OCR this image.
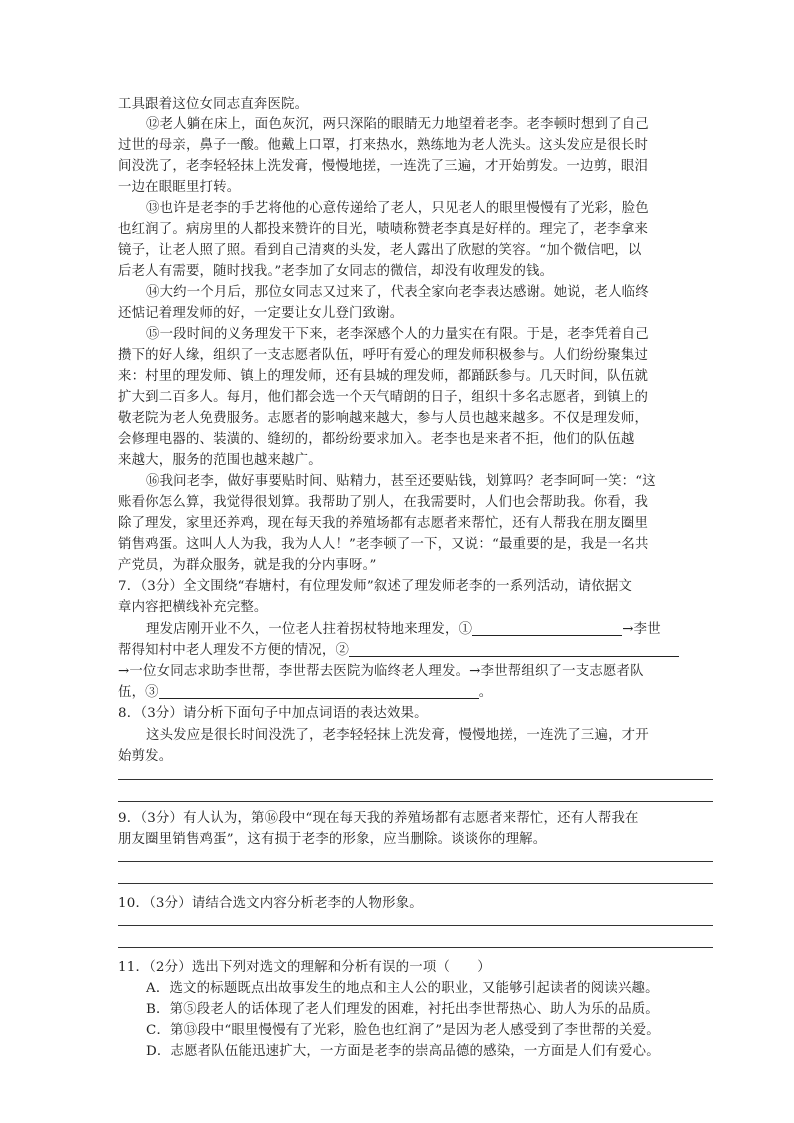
工具跟着这位女同志直奔医院。
⑫老人躺在床上，面色灰沉，两只深陷的眼睛无力地望着老李。老李顿时想到了自己
过世的母亲，鼻子一酸。他戴上口罩，打来热水，熟练地为老人洗头。这头发应是很长时
间没洗了，老李轻轻抹上洗发膏，慢慢地搓，一连洗了三遍，才开始剪发。一边剪，眼泪
一边在眼眶里打转。
⑬也许是老李的手艺将他的心意传递给了老人，只见老人的眼里慢慢有了光彩，脸色
也红润了。病房里的人都投来赞许的目光，啧啧称赞老李真是好样的。理完了，老李拿来
镜子，让老人照了照。看到自己清爽的头发，老人露出了欣慰的笑容。“加个微信吧，以
后老人有需要，随时找我。”老李加了女同志的微信，却没有收理发的钱。
⑭大约一个月后，那位女同志又过来了，代表全家向老李表达感谢。她说，老人临终
还惦记着理发师的好，一定要让女儿登门致谢。
⑮一段时间的义务理发干下来，老李深感个人的力量实在有限。于是，老李凭着自己
攒下的好人缘，组织了一支志愿者队伍，呼吁有爱心的理发师积极参与。人们纷纷聚集过
来：村里的理发师、镇上的理发师，还有县城的理发师，都踊跃参与。几天时间，队伍就
扩大到二百多人。每月，他们都会选一个天气晴朗的日子，组织十多名志愿者，到镇上的
敬老院为老人免费服务。志愿者的影响越来越大，参与人员也越来越多。不仅是理发师，
会修理电器的、装潢的、缝纫的，都纷纷要求加入。老李也是来者不拒，他们的队伍越
来越大，服务的范围也越来越广。
⑯我问老李，做好事要贴时间、贴精力，甚至还要贴钱，划算吗？老李呵呵一笑：“这
账看你怎么算，我觉得很划算。我帮助了别人，在我需要时，人们也会帮助我。你看，我
除了理发，家里还养鸡，现在每天我的养殖场都有志愿者来帮忙，还有人帮我在朋友圈里
销售鸡蛋。这叫人人为我，我为人人！”老李顿了一下，又说：“最重要的是，我是一名共
产党员，为群众服务，就是我的分内事呀。”
7．（3分）全文围绕“春塘村，有位理发师”叙述了理发师老李的一系列活动，请依据文
章内容把横线补充完整。
理发店刚开业不久，一位老人拄着拐杖特地来理发，①	→李世
帮得知村中老人理发不方便的情况，②
→一位女同志求助李世帮，李世帮去医院为临终老人理发。→李世帮组织了一支志愿者队
伍，③	。
8．（3分）请分析下面句子中加点词语的表达效果。
这头发应是很长时间没洗了，老李轻轻抹上洗发膏，慢慢地搓，一连洗了三遍，才开
始剪发。
9．（3分）有人认为，第⑯段中“现在每天我的养殖场都有志愿者来帮忙，还有人帮我在
朋友圈里销售鸡蛋”，这有损于老李的形象，应当删除。谈谈你的理解。
10．（3分）请结合选文内容分析老李的人物形象。
11．（2分）选出下列对选文的理解和分析有误的一项（　　）
A．选文的标题既点出故事发生的地点和主人公的职业，又能够引起读者的阅读兴趣。
B．第⑤段老人的话体现了老人们理发的困难，衬托出李世帮热心、助人为乐的品质。
C．第⑬段中“眼里慢慢有了光彩，脸色也红润了”是因为老人感受到了李世帮的关爱。
D．志愿者队伍能迅速扩大，一方面是老李的崇高品德的感染，一方面是人们有爱心。
